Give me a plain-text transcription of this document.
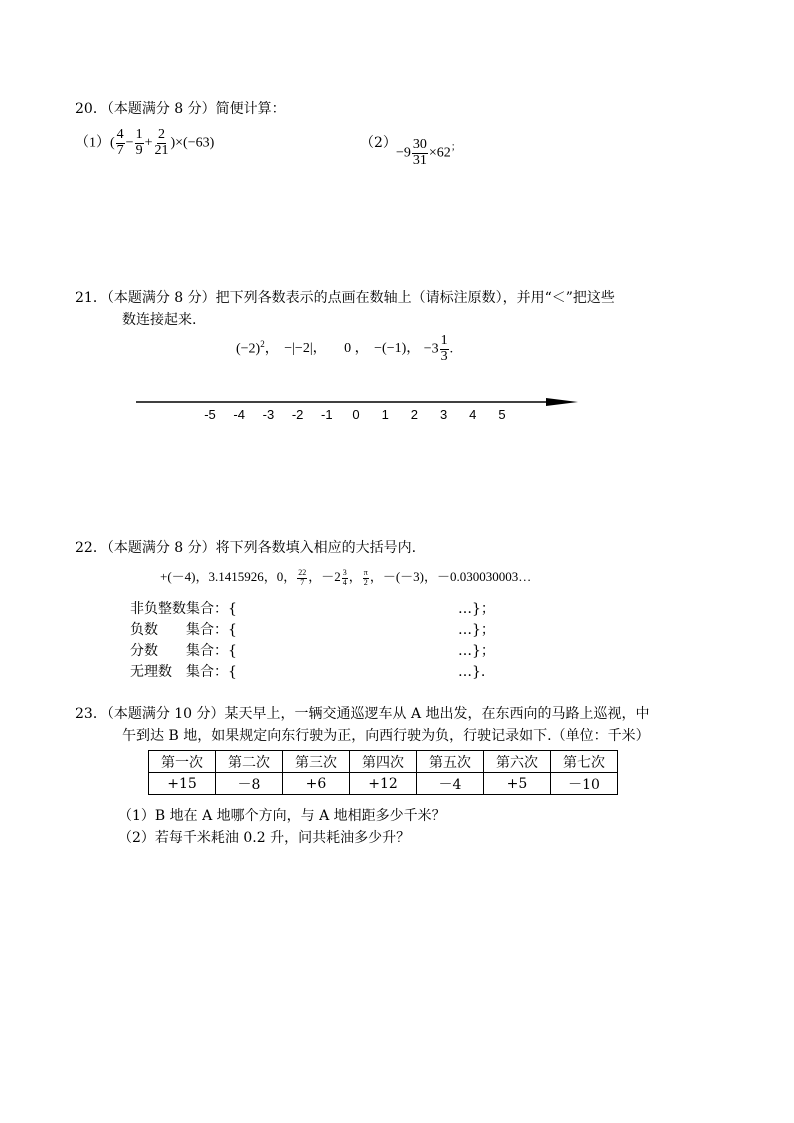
20．（本题满分 8 分）简便计算：
$(1)( \frac{4}{7} - \frac{1}{9} + \frac{2}{21} )\times(-63)$	（2）
$-9 \frac{30}{31} \times 62^;$
21．（本题满分 8 分）把下列各数表示的点画在数轴上（请标注原数），并用“＜”把这些
数连接起来.
$(-2)^2$， −|−2|， 0 ， −(−1)， $-3 \frac{1}{3}$ .
-5 -4 -3 -2 -1 0 1 2 3 4 5
22．（本题满分 8 分）将下列各数填入相应的大括号内.
+(－4)，3.1415926，0， $\frac{22}{7}$ ，$-2 \frac{3}{4}$ ， $\frac{\pi}{2}$ ，－(－3)，－0.030030003…
非负整数集合：{	…}；
负数　　集合：{	…}；
分数　　集合：{	…}；
无理数　集合：{	…}.
23．（本题满分 10 分）某天早上，一辆交通巡逻车从 A 地出发，在东西向的马路上巡视，中
午到达 B 地，如果规定向东行驶为正，向西行驶为负，行驶记录如下.（单位：千米）
第一次	第二次	第三次	第四次	第五次	第六次	第七次
+15	－8	+6	+12	－4	+5	－10
（1）B 地在 A 地哪个方向，与 A 地相距多少千米？
（2）若每千米耗油 0.2 升，问共耗油多少升？
